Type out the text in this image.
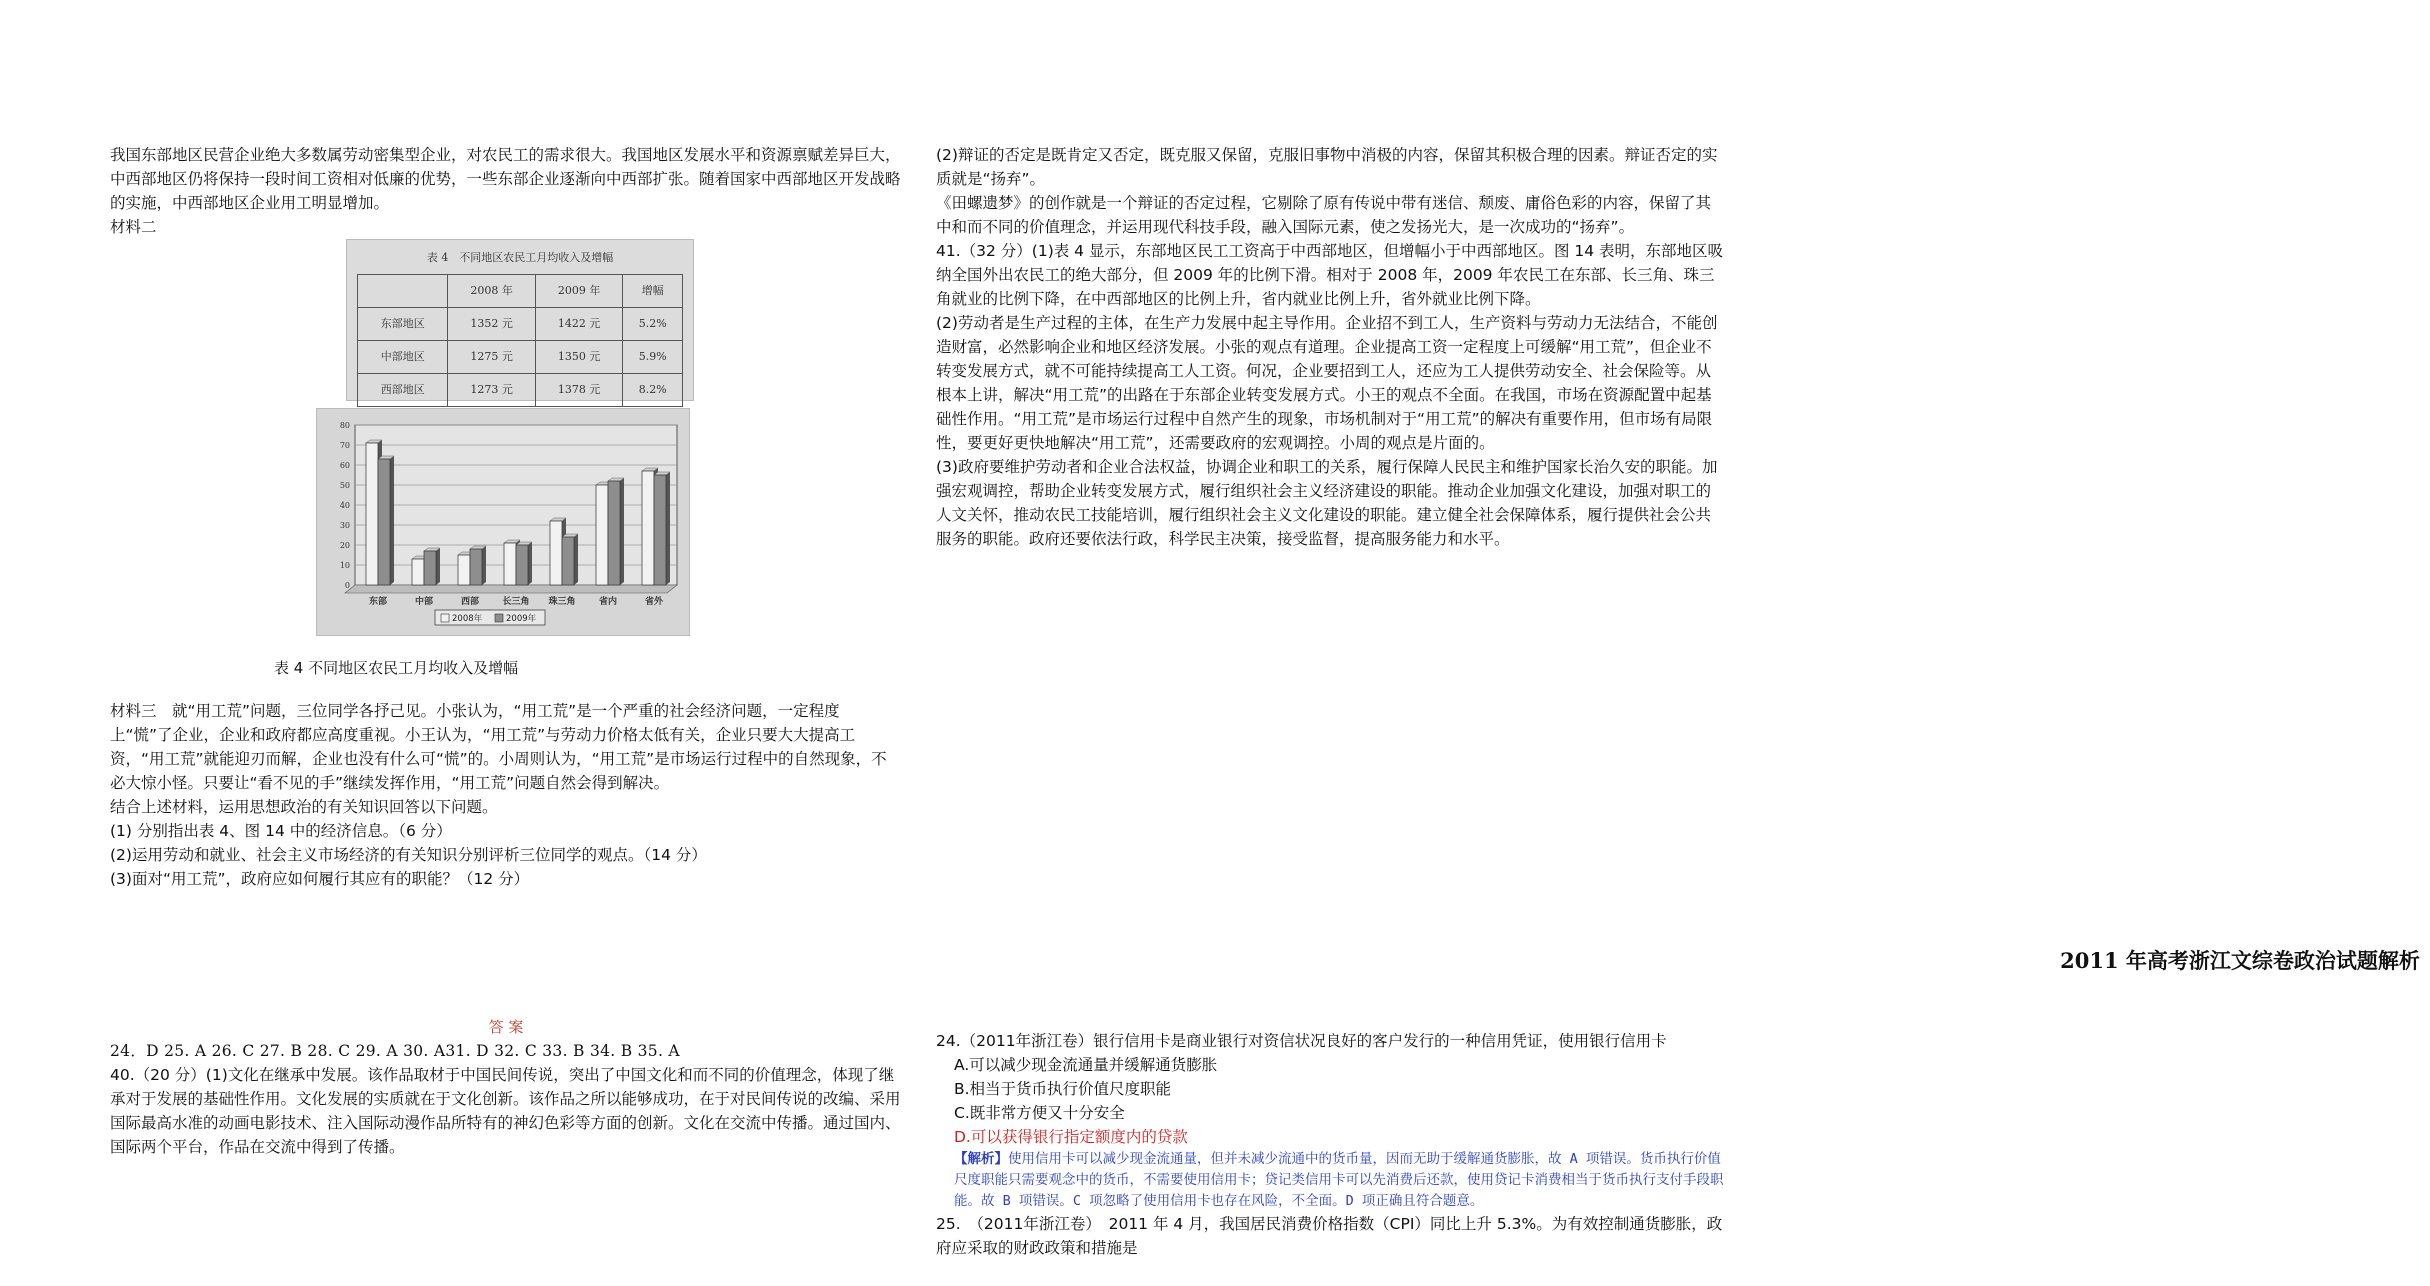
我国东部地区民营企业绝大多数属劳动密集型企业，对农民工的需求很大。我国地区发展水平和资源禀赋差异巨大，中西部地区仍将保持一段时间工资相对低廉的优势，一些东部企业逐渐向中西部扩张。随着国家中西部地区开发战略的实施，中西部地区企业用工明显增加。

材料二

表 4　不同地区农民工月均收入及增幅
	2008 年	2009 年	增幅
东部地区	1352 元	1422 元	5.2%
中部地区	1275 元	1350 元	5.9%
西部地区	1273 元	1378 元	8.2%
0
10
20
30
40
50
60
70
80
东部	中部	西部	长三角 珠三角	省内	省外
2008年	2009年
表 4 不同地区农民工月均收入及增幅

材料三　就“用工荒”问题，三位同学各抒己见。小张认为，“用工荒”是一个严重的社会经济问题，一定程度上“慌”了企业，企业和政府都应高度重视。小王认为，“用工荒”与劳动力价格太低有关，企业只要大大提高工资，“用工荒”就能迎刃而解，企业也没有什么可“慌”的。小周则认为，“用工荒”是市场运行过程中的自然现象，不必大惊小怪。只要让“看不见的手”继续发挥作用，“用工荒”问题自然会得到解决。

结合上述材料，运用思想政治的有关知识回答以下问题。

(1) 分别指出表 4、图 14 中的经济信息。（6 分）

(2)运用劳动和就业、社会主义市场经济的有关知识分别评析三位同学的观点。（14 分）

(3)面对“用工荒”，政府应如何履行其应有的职能？（12 分）

答 案

24．D 25. A 26. C 27. B 28. C 29. A 30. A31. D 32. C 33. B 34. B 35. A

40.（20 分）(1)文化在继承中发展。该作品取材于中国民间传说，突出了中国文化和而不同的价值理念，体现了继承对于发展的基础性作用。文化发展的实质就在于文化创新。该作品之所以能够成功，在于对民间传说的改编、采用国际最高水准的动画电影技术、注入国际动漫作品所特有的神幻色彩等方面的创新。文化在交流中传播。通过国内、国际两个平台，作品在交流中得到了传播。

(2)辩证的否定是既肯定又否定，既克服又保留，克服旧事物中消极的内容，保留其积极合理的因素。辩证否定的实质就是“扬弃”。

《田螺遗梦》的创作就是一个辩证的否定过程，它剔除了原有传说中带有迷信、颓废、庸俗色彩的内容，保留了其中和而不同的价值理念，并运用现代科技手段，融入国际元素，使之发扬光大，是一次成功的“扬弃”。

41.（32 分）(1)表 4 显示，东部地区民工工资高于中西部地区，但增幅小于中西部地区。图 14 表明，东部地区吸纳全国外出农民工的绝大部分，但 2009 年的比例下滑。相对于 2008 年，2009 年农民工在东部、长三角、珠三角就业的比例下降，在中西部地区的比例上升，省内就业比例上升，省外就业比例下降。

(2)劳动者是生产过程的主体，在生产力发展中起主导作用。企业招不到工人，生产资料与劳动力无法结合，不能创造财富，必然影响企业和地区经济发展。小张的观点有道理。企业提高工资一定程度上可缓解“用工荒”，但企业不转变发展方式，就不可能持续提高工人工资。何况，企业要招到工人，还应为工人提供劳动安全、社会保险等。从根本上讲，解决“用工荒”的出路在于东部企业转变发展方式。小王的观点不全面。在我国，市场在资源配置中起基础性作用。“用工荒”是市场运行过程中自然产生的现象，市场机制对于“用工荒”的解决有重要作用，但市场有局限性，要更好更快地解决“用工荒”，还需要政府的宏观调控。小周的观点是片面的。

(3)政府要维护劳动者和企业合法权益，协调企业和职工的关系，履行保障人民民主和维护国家长治久安的职能。加强宏观调控，帮助企业转变发展方式，履行组织社会主义经济建设的职能。推动企业加强文化建设，加强对职工的人文关怀，推动农民工技能培训，履行组织社会主义文化建设的职能。建立健全社会保障体系，履行提供社会公共服务的职能。政府还要依法行政，科学民主决策，接受监督，提高服务能力和水平。

2011 年高考浙江文综卷政治试题解析

24.（2011年浙江卷）银行信用卡是商业银行对资信状况良好的客户发行的一种信用凭证，使用银行信用卡

A.可以减少现金流通量并缓解通货膨胀

B.相当于货币执行价值尺度职能

C.既非常方便又十分安全

D.可以获得银行指定额度内的贷款

【解析】使用信用卡可以减少现金流通量，但并未减少流通中的货币量，因而无助于缓解通货膨胀，故 A 项错误。货币执行价值尺度职能只需要观念中的货币，不需要使用信用卡；贷记类信用卡可以先消费后还款，使用贷记卡消费相当于货币执行支付手段职能。故 B 项错误。C 项忽略了使用信用卡也存在风险，不全面。D 项正确且符合题意。

25.　（2011年浙江卷）　2011 年 4 月，我国居民消费价格指数（CPI）同比上升 5.3%。为有效控制通货膨胀，政府应采取的财政政策和措施是
